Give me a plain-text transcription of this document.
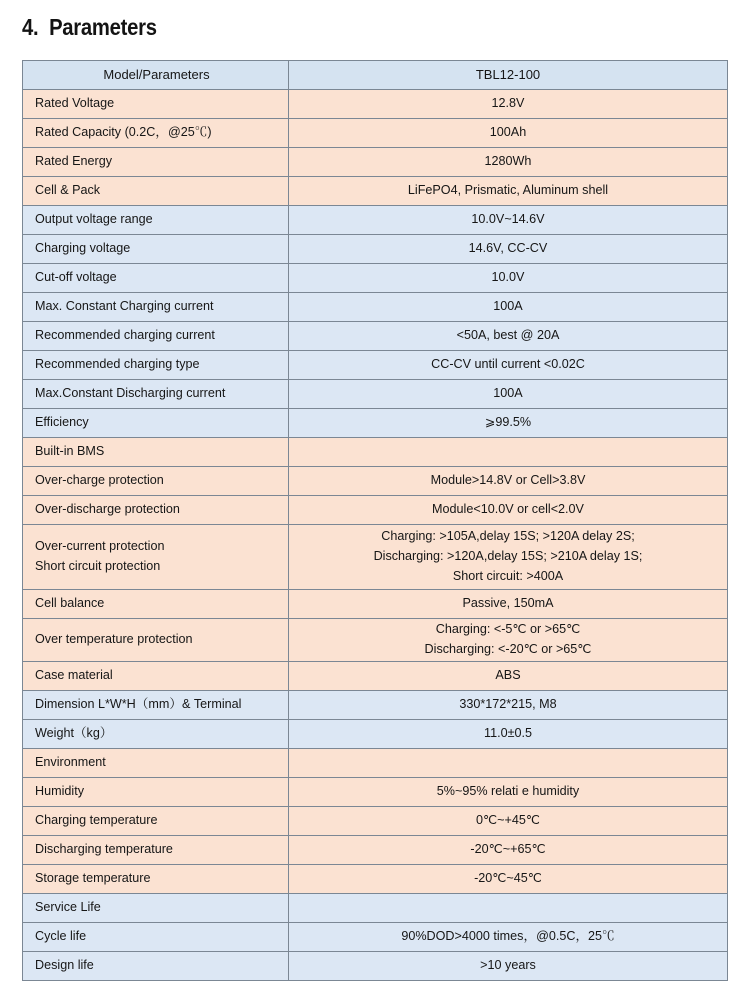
4.  Parameters
Model/Parameters	TBL12-100
Rated Voltage	12.8V
Rated Capacity (0.2C，@25℃)	100Ah
Rated Energy	1280Wh
Cell & Pack	LiFePO4, Prismatic, Aluminum shell
Output voltage range	10.0V~14.6V
Charging voltage	14.6V, CC-CV
Cut-off voltage	10.0V
Max. Constant Charging current	100A
Recommended charging current	<50A, best @ 20A
Recommended charging type	CC-CV until current <0.02C
Max.Constant Discharging current	100A
Efficiency	⩾99.5%
Built-in BMS	
Over-charge protection	Module>14.8V or Cell>3.8V
Over-discharge protection	Module<10.0V or cell<2.0V

Over-current protection
Short circuit protection	Charging: >105A,delay 15S; >120A delay 2S;
Discharging: >120A,delay 15S; >210A delay 1S;
Short circuit: >400A

Cell balance	Passive, 150mA
Over temperature protection	Charging: <-5℃ or >65℃
Discharging: <-20℃ or >65℃

Case material	ABS
Dimension L*W*H（mm）& Terminal	330*172*215, M8
Weight（kg）	11.0±0.5
Environment	
Humidity	5%~95% relati e humidity
Charging temperature	0℃~+45℃
Discharging temperature	-20℃~+65℃
Storage temperature	-20℃~45℃
Service Life	
Cycle life	90%DOD>4000 times，@0.5C，25℃
Design life	>10 years
